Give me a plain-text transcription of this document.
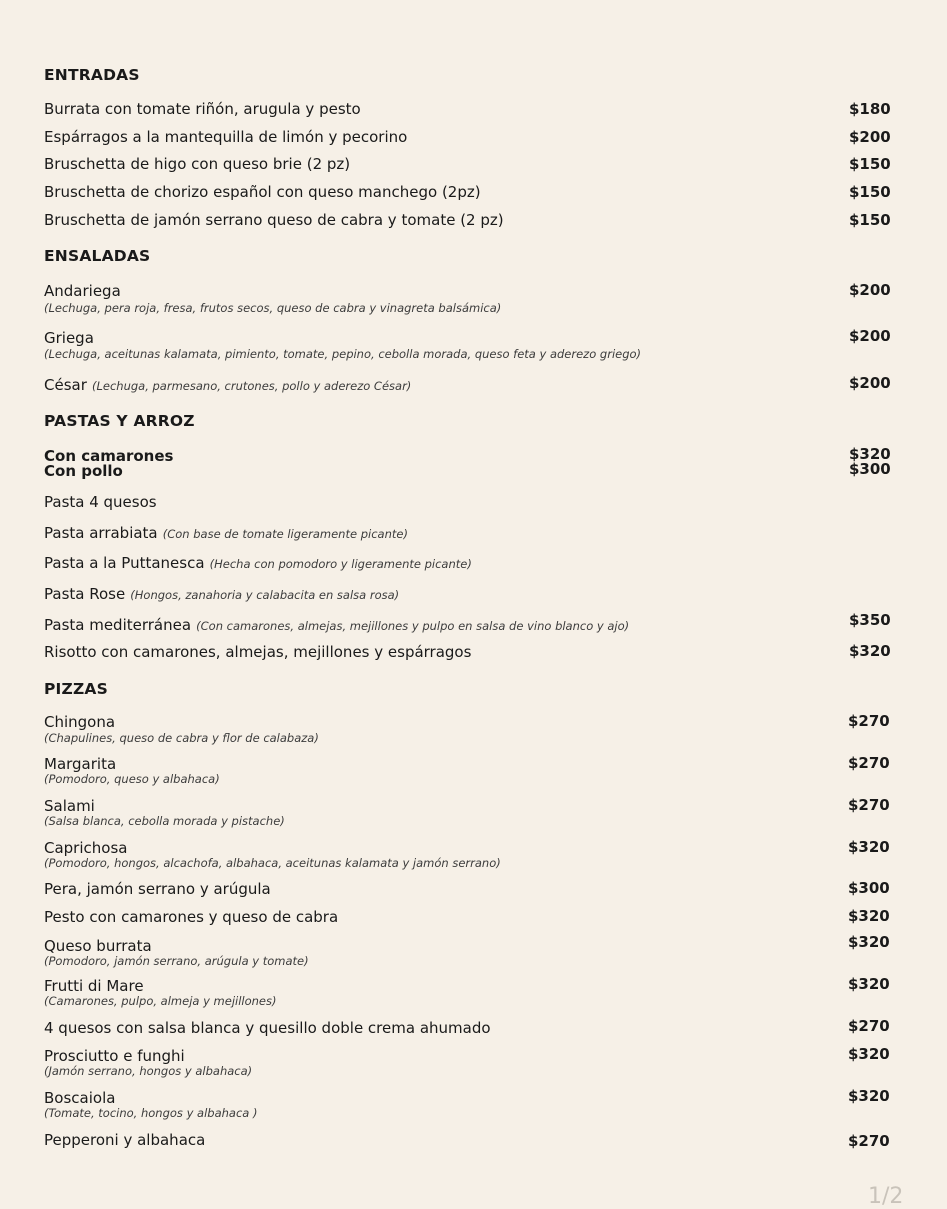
ENTRADAS
Burrata con tomate riñón, arugula y pesto	$180
Espárragos a la mantequilla de limón y pecorino	$200
Bruschetta de higo con queso brie (2 pz)	$150
Bruschetta de chorizo español con queso manchego (2pz)	$150
Bruschetta de jamón serrano queso de cabra y tomate (2 pz)	$150
ENSALADAS
Andariega
(Lechuga, pera roja, fresa, frutos secos, queso de cabra y vinagreta balsámica)
$200
Griega
(Lechuga, aceitunas kalamata, pimiento, tomate, pepino, cebolla morada, queso feta y aderezo griego)
$200
César (Lechuga, parmesano, crutones, pollo y aderezo César)	$200
PASTAS Y ARROZ
Con camarones	$320
Con pollo	$300
Pasta 4 quesos
Pasta arrabiata (Con base de tomate ligeramente picante)
Pasta a la Puttanesca (Hecha con pomodoro y ligeramente picante)
Pasta Rose (Hongos, zanahoria y calabacita en salsa rosa)
Pasta mediterránea (Con camarones, almejas, mejillones y pulpo en salsa de vino blanco y ajo)	$350
Risotto con camarones, almejas, mejillones y espárragos	$320
PIZZAS
Chingona
(Chapulines, queso de cabra y flor de calabaza)
$270
Margarita
(Pomodoro, queso y albahaca)
$270
Salami
(Salsa blanca, cebolla morada y pistache)
$270
Caprichosa
(Pomodoro, hongos, alcachofa, albahaca, aceitunas kalamata y jamón serrano)
$320
Pera, jamón serrano y arúgula	$300
Pesto con camarones y queso de cabra	$320
Queso burrata
(Pomodoro, jamón serrano, arúgula y tomate)
$320
Frutti di Mare
(Camarones, pulpo, almeja y mejillones)
$320
4 quesos con salsa blanca y quesillo doble crema ahumado	$270
Prosciutto e funghi
(Jamón serrano, hongos y albahaca)
$320
Boscaiola
(Tomate, tocino, hongos y albahaca )
$320
Pepperoni y albahaca	$270
1/2
